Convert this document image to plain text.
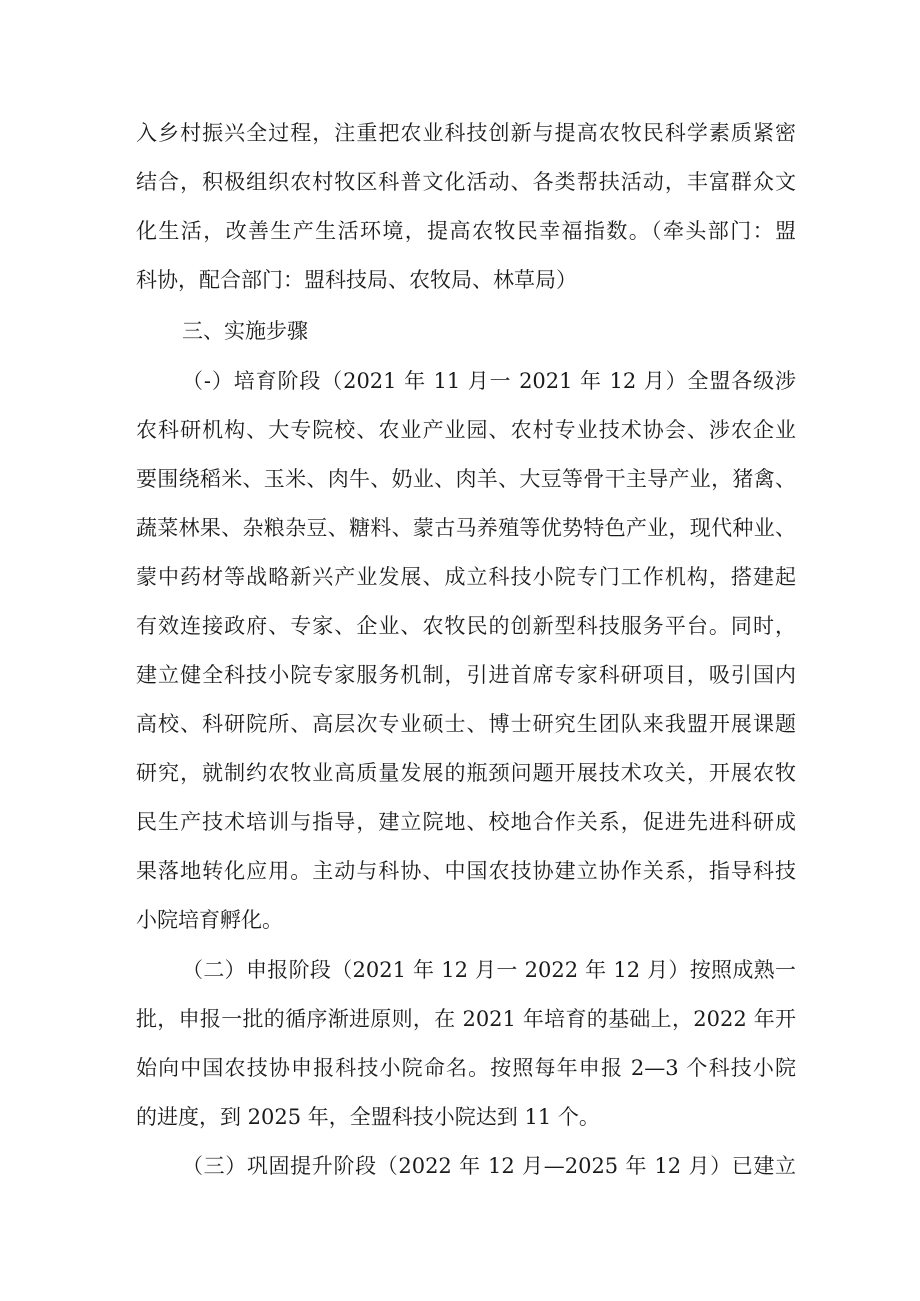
入乡村振兴全过程，注重把农业科技创新与提高农牧民科学素质紧密
结合，积极组织农村牧区科普文化活动、各类帮扶活动，丰富群众文
化生活，改善生产生活环境，提高农牧民幸福指数。（牵头部门：盟
科协，配合部门：盟科技局、农牧局、林草局）
三、实施步骤
（-）培育阶段（2021 年 11 月一 2021 年 12 月）全盟各级涉
农科研机构、大专院校、农业产业园、农村专业技术协会、涉农企业
要围绕稻米、玉米、肉牛、奶业、肉羊、大豆等骨干主导产业，猪禽、
蔬菜林果、杂粮杂豆、糖料、蒙古马养殖等优势特色产业，现代种业、
蒙中药材等战略新兴产业发展、成立科技小院专门工作机构，搭建起
有效连接政府、专家、企业、农牧民的创新型科技服务平台。同时，
建立健全科技小院专家服务机制，引进首席专家科研项目，吸引国内
高校、科研院所、高层次专业硕士、博士研究生团队来我盟开展课题
研究，就制约农牧业高质量发展的瓶颈问题开展技术攻关，开展农牧
民生产技术培训与指导，建立院地、校地合作关系，促进先进科研成
果落地转化应用。主动与科协、中国农技协建立协作关系，指导科技
小院培育孵化。
（二）申报阶段（2021 年 12 月一 2022 年 12 月）按照成熟一
批，申报一批的循序渐进原则，在 2021 年培育的基础上，2022 年开
始向中国农技协申报科技小院命名。按照每年申报 2—3 个科技小院
的进度，到 2025 年，全盟科技小院达到 11 个。
（三）巩固提升阶段（2022 年 12 月—2025 年 12 月）已建立
